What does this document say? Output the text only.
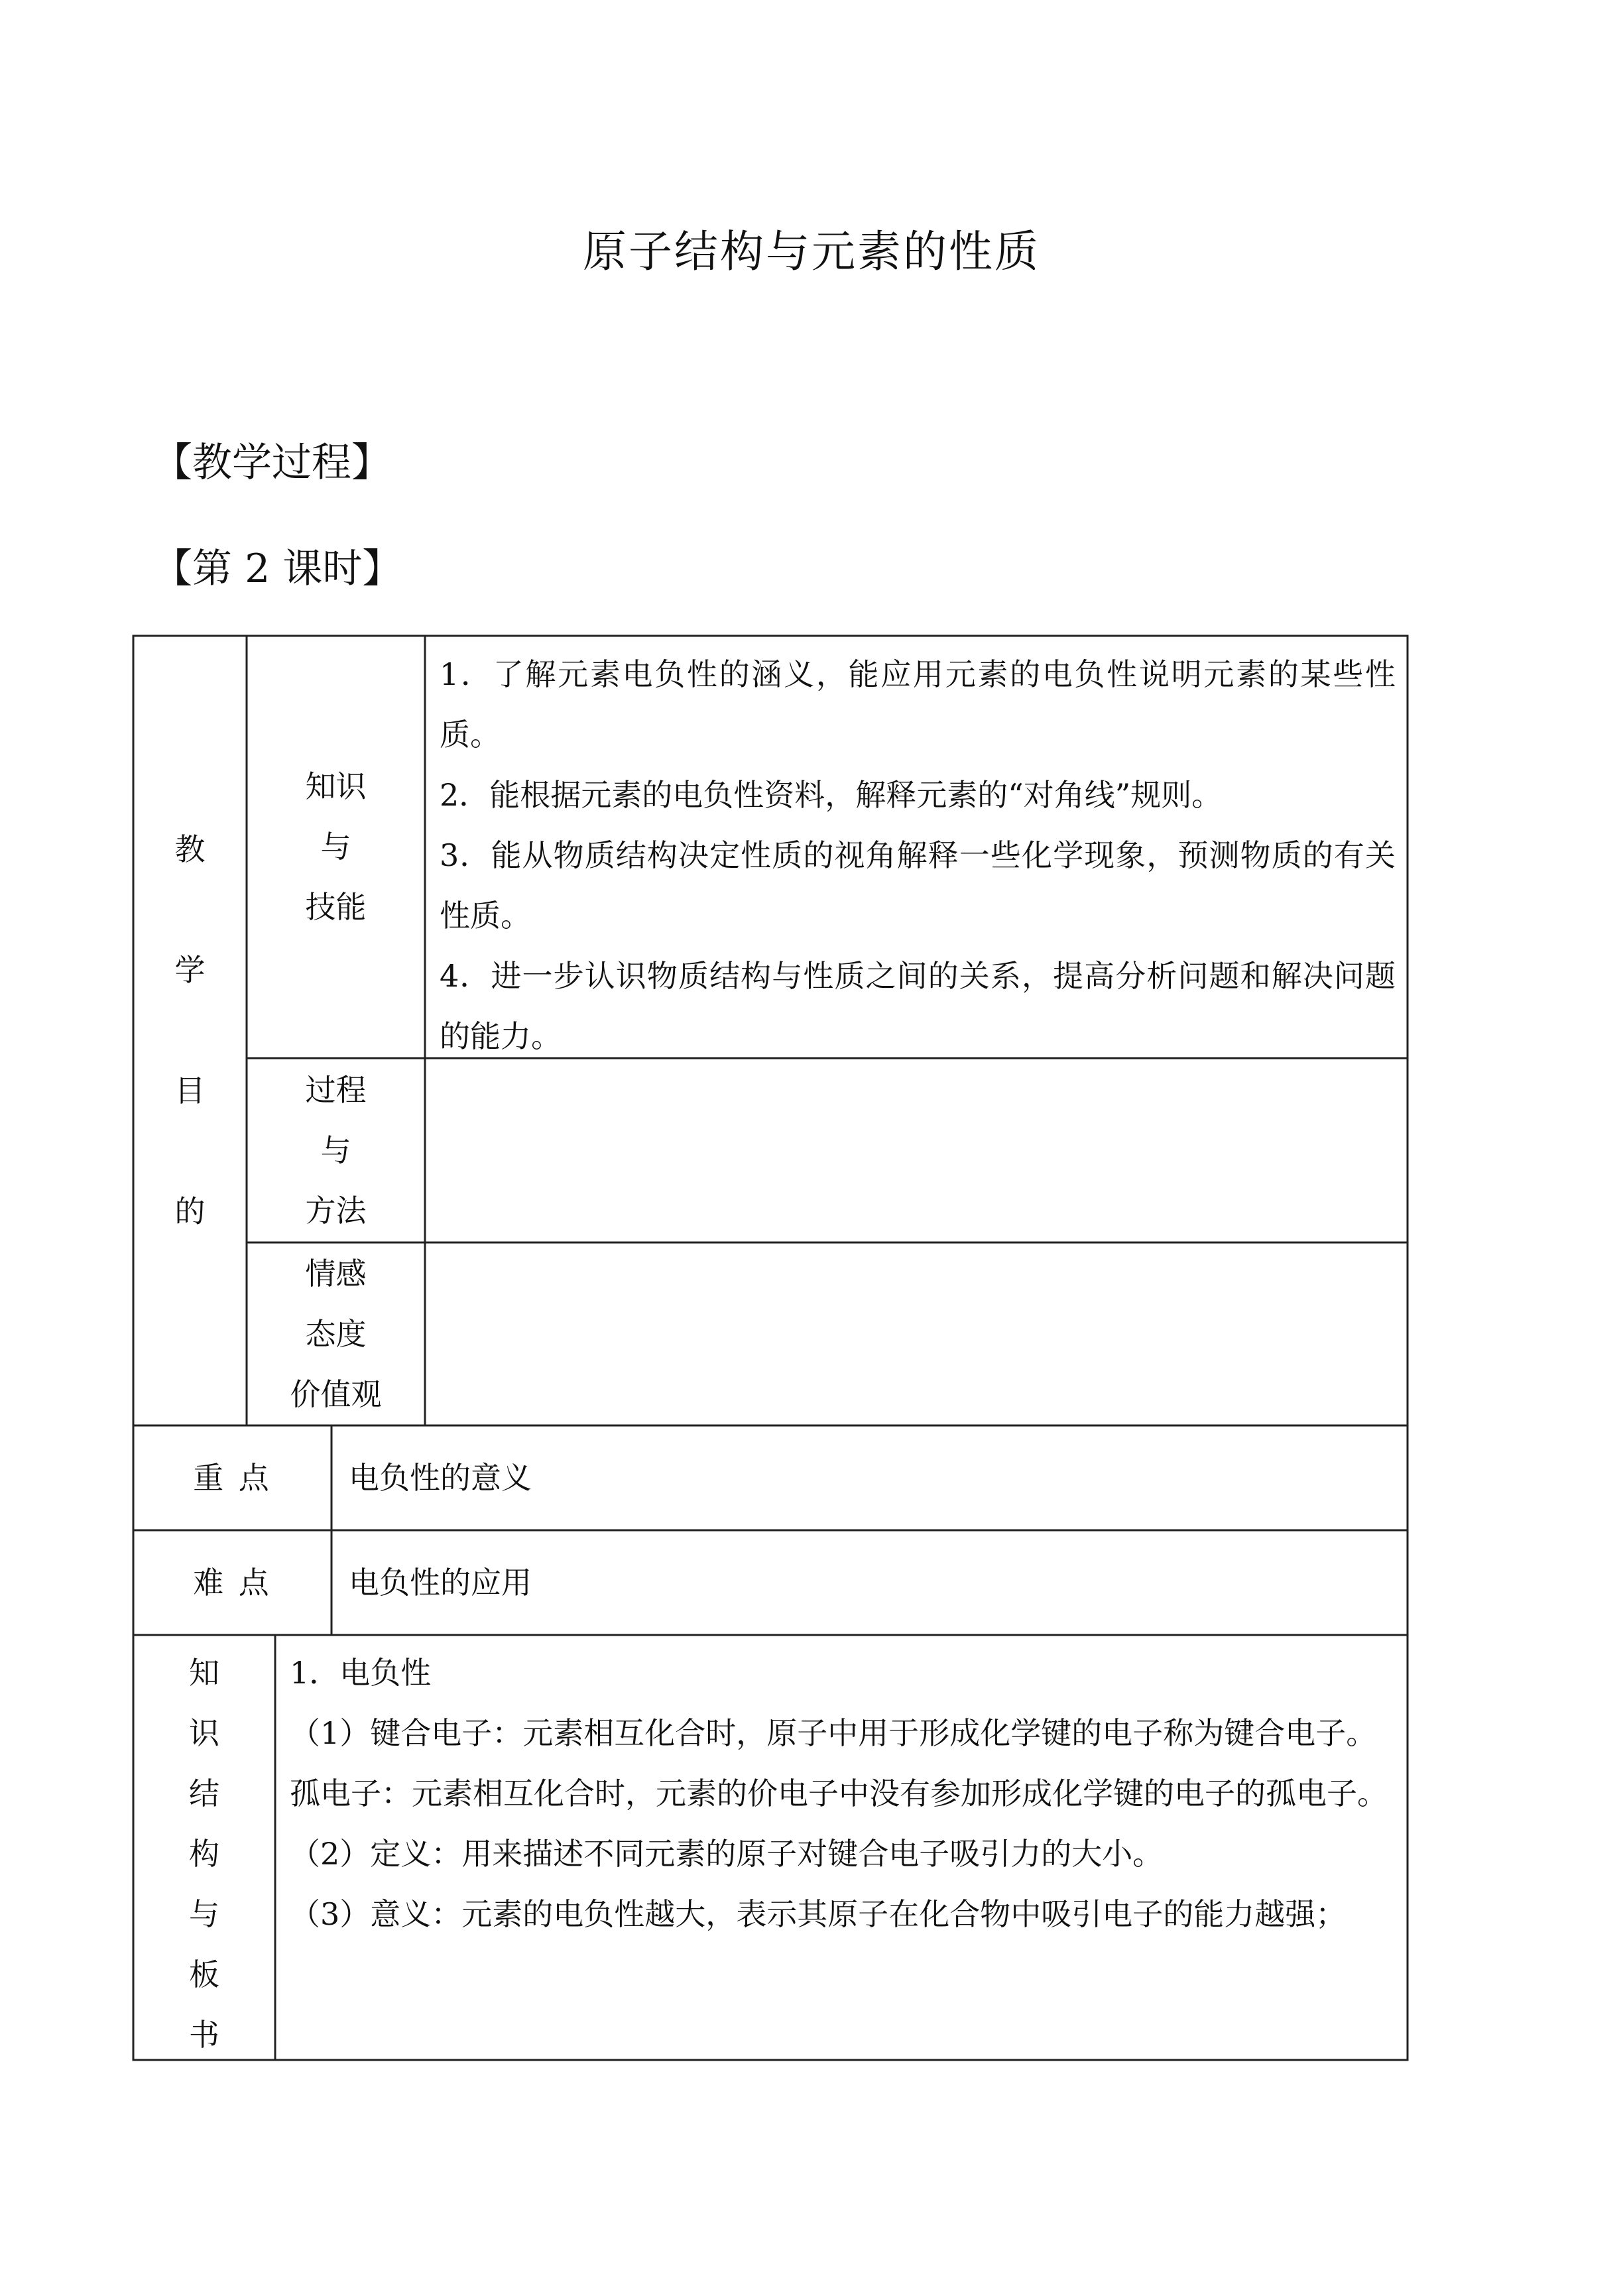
原子结构与元素的性质
【教学过程】
【第 2 课时】
教
学
目
的
知识
与
技能
1．了解元素电负性的涵义，能应用元素的电负性说明元素的某些性质。
2．能根据元素的电负性资料，解释元素的“对角线”规则。
3．能从物质结构决定性质的视角解释一些化学现象，预测物质的有关性质。
4．进一步认识物质结构与性质之间的关系，提高分析问题和解决问题的能力。
过程
与
方法
情感
态度
价值观
重 点	电负性的意义
难 点	电负性的应用
知
识
结
构
与
板
书
1．电负性
（1）键合电子：元素相互化合时，原子中用于形成化学键的电子称为键合电子。
孤电子：元素相互化合时，元素的价电子中没有参加形成化学键的电子的孤电子。
（2）定义：用来描述不同元素的原子对键合电子吸引力的大小。
（3）意义：元素的电负性越大，表示其原子在化合物中吸引电子的能力越强；
